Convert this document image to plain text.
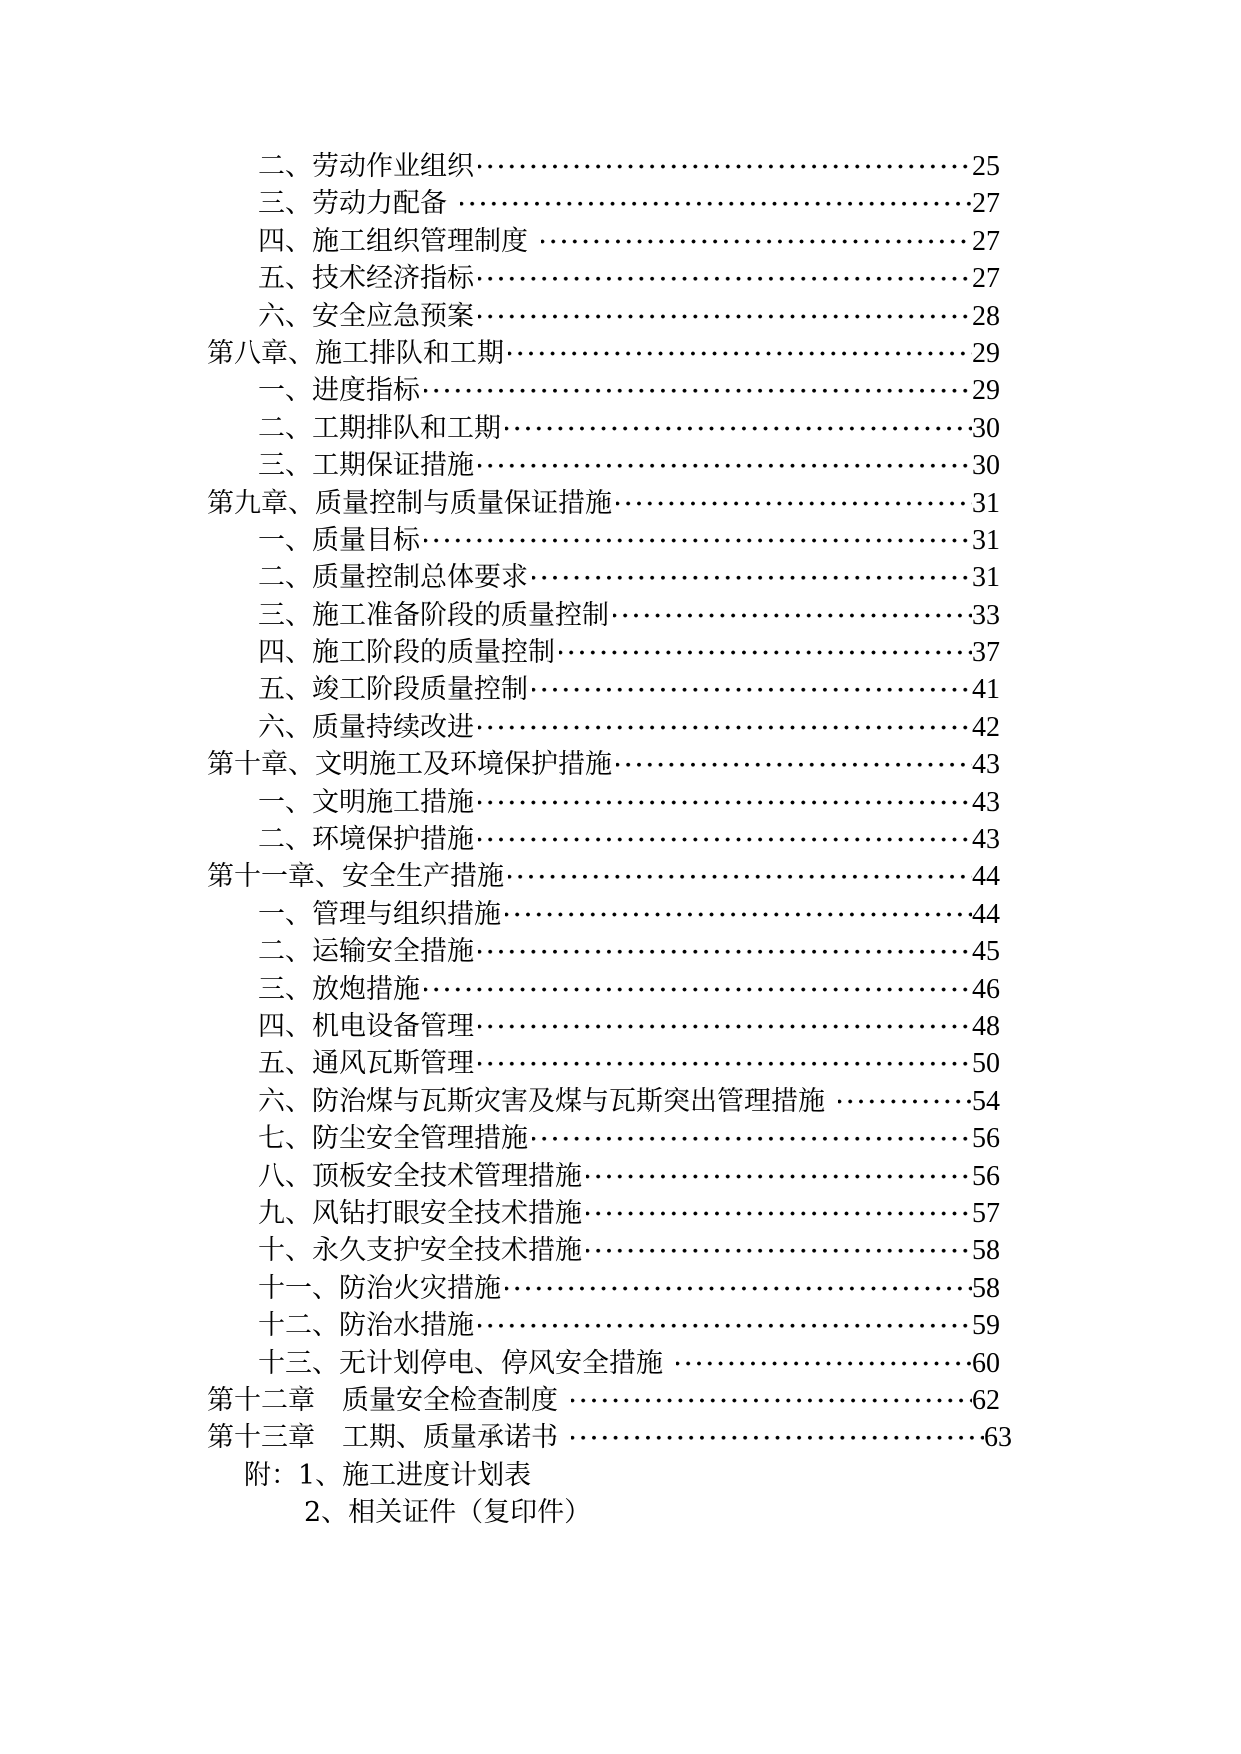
二、劳动作业组织	25
三、劳动力配备	27
四、施工组织管理制度	27
五、技术经济指标	27
六、安全应急预案	28
第八章、施工排队和工期	29
一、进度指标	29
二、工期排队和工期	30
三、工期保证措施	30
第九章、质量控制与质量保证措施	31
一、质量目标	31
二、质量控制总体要求	31
三、施工准备阶段的质量控制	33
四、施工阶段的质量控制	37
五、竣工阶段质量控制	41
六、质量持续改进	42
第十章、文明施工及环境保护措施	43
一、文明施工措施	43
二、环境保护措施	43
第十一章、安全生产措施	44
一、管理与组织措施	44
二、运输安全措施	45
三、放炮措施	46
四、机电设备管理	48
五、通风瓦斯管理	50
六、防治煤与瓦斯灾害及煤与瓦斯突出管理措施	54
七、防尘安全管理措施	56
八、顶板安全技术管理措施	56
九、风钻打眼安全技术措施	57
十、永久支护安全技术措施	58
十一、防治火灾措施	58
十二、防治水措施	59
十三、无计划停电、停风安全措施	60
第十二章　质量安全检查制度	62
第十三章　工期、质量承诺书	63

附：1、施工进度计划表

2、相关证件（复印件）
